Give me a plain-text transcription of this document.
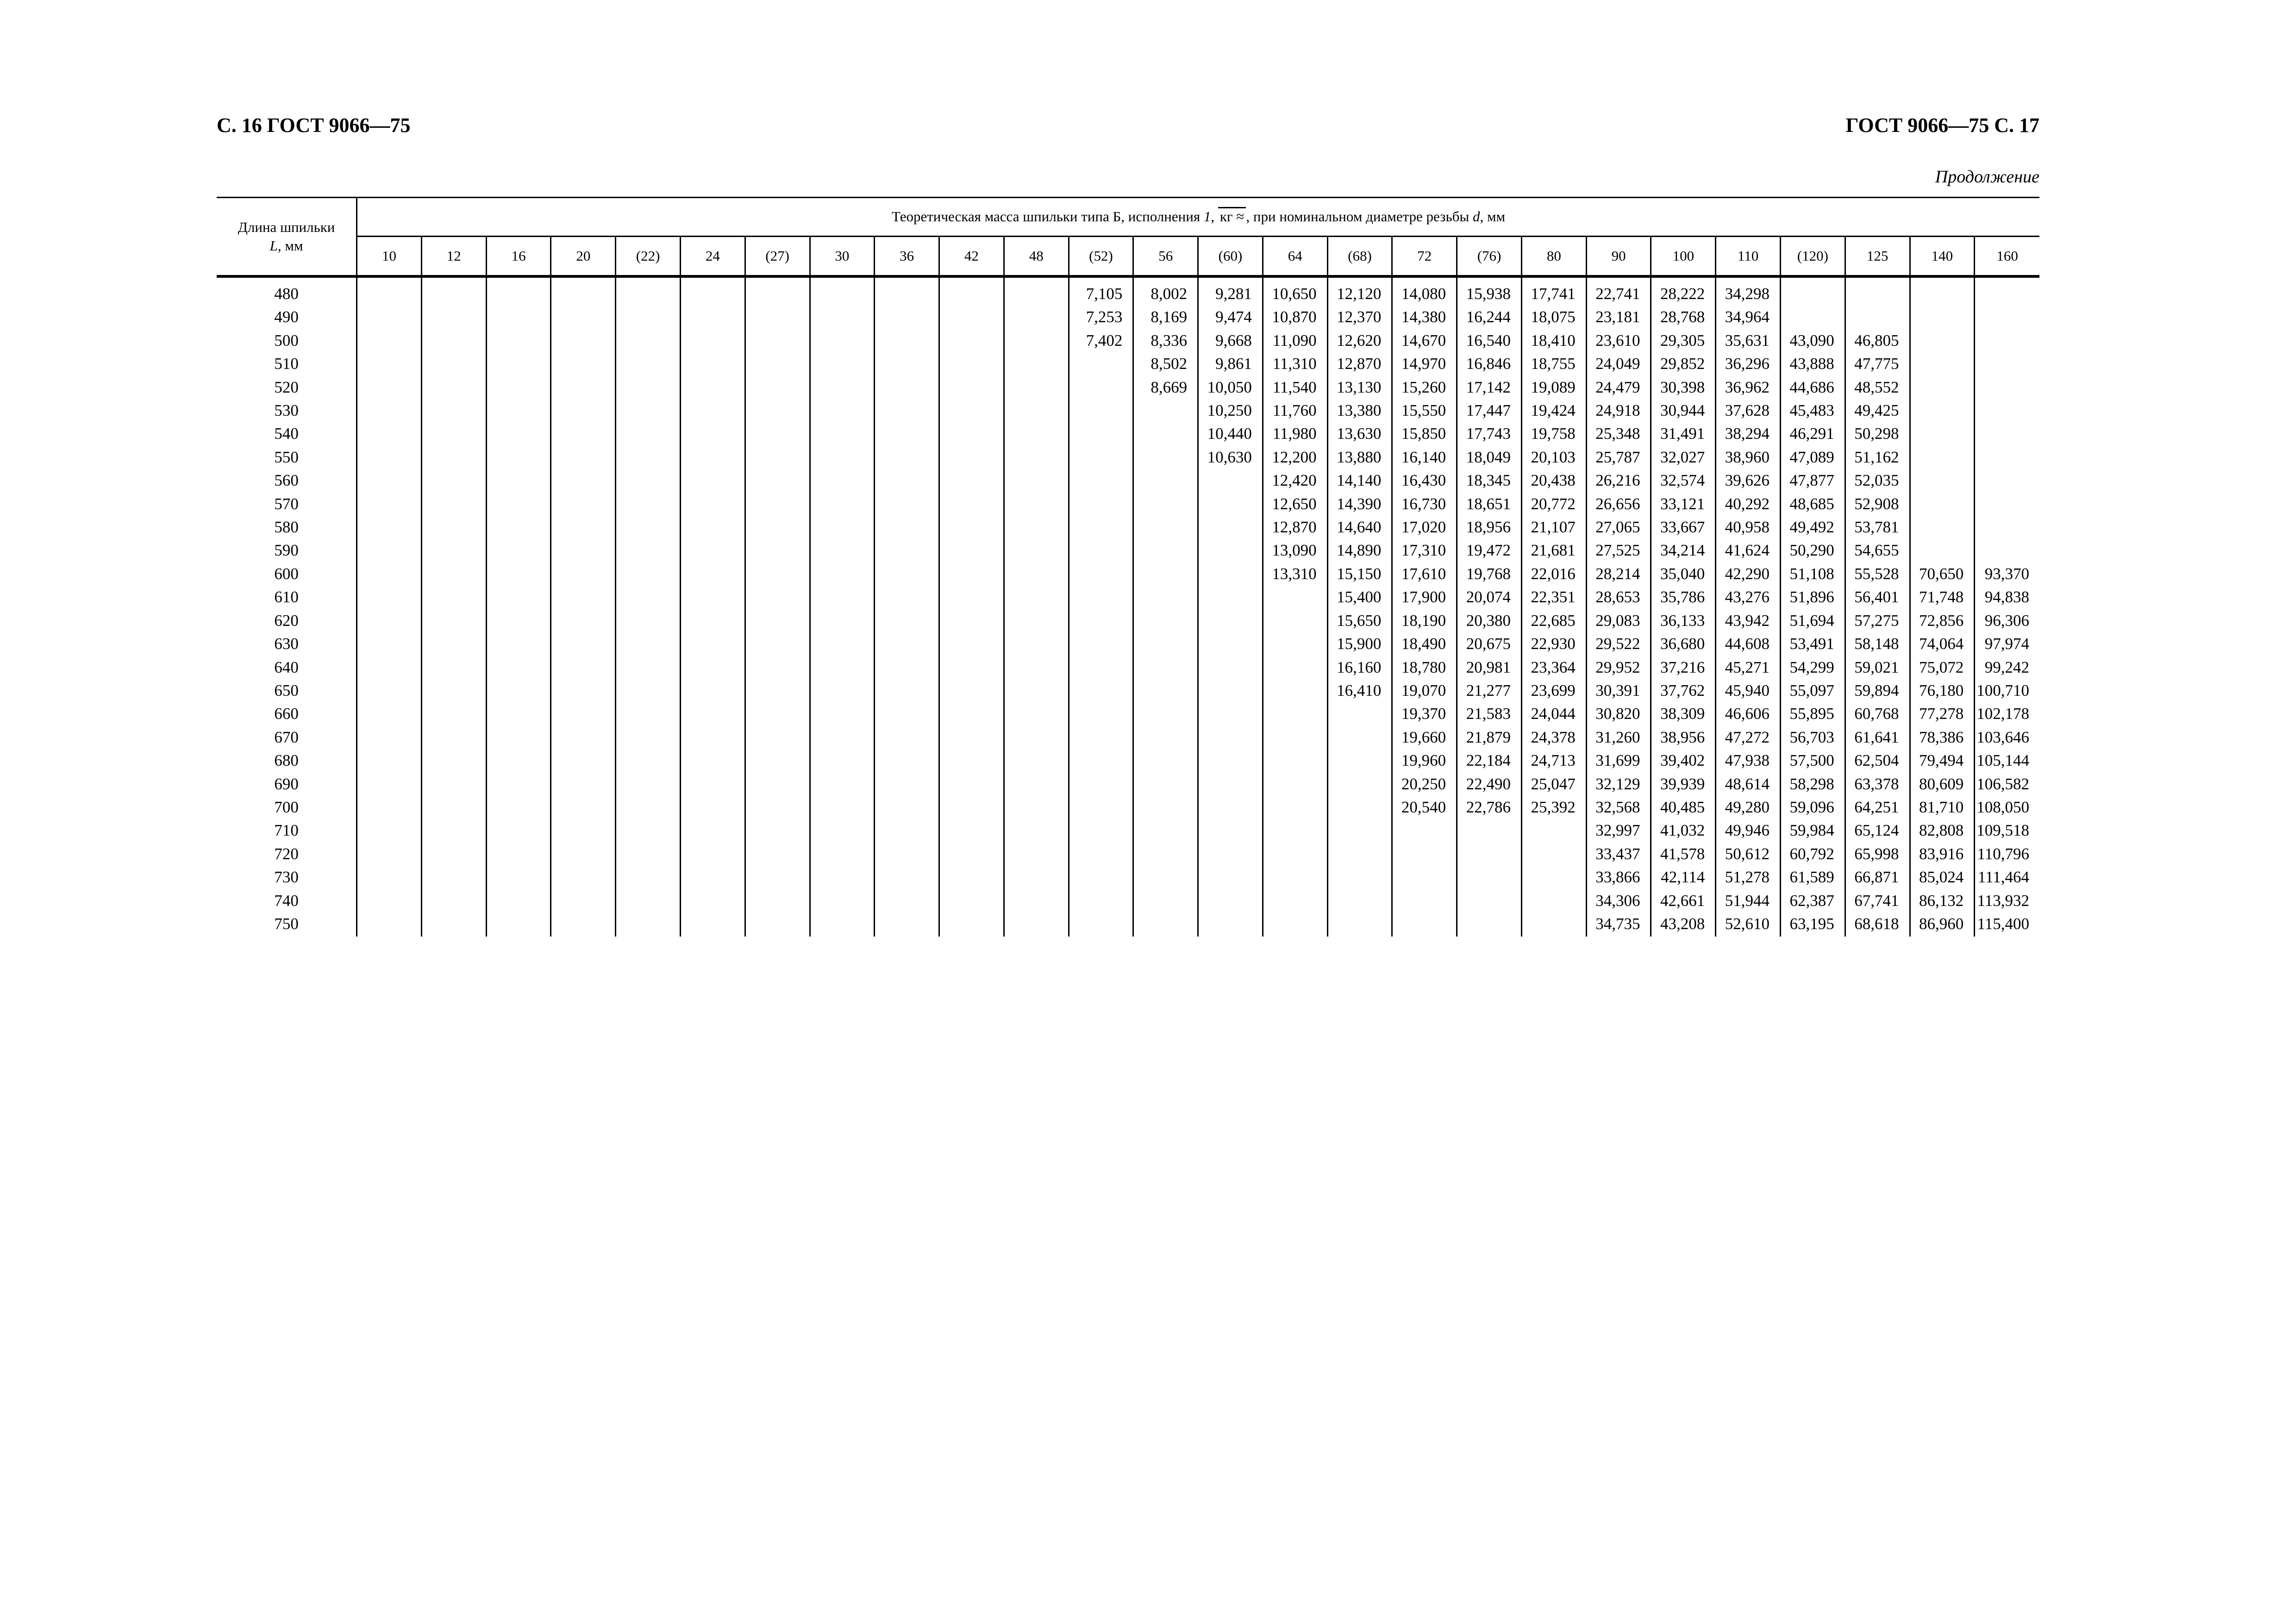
С. 16 ГОСТ 9066—75	ГОСТ 9066—75 С. 17
Продолжение
Длина шпильки
L, мм	Теоретическая масса шпильки типа Б, исполнения 1, кг ≈ , при номинальном диаметре резьбы d, мм																									
	10	12	16	20	(22)	24	(27)	30	36	42	48	(52)	56	(60)	64	(68)	72	(76)	80	90	100	110	(120)	125	140	160
480												7,105	8,002	9,281	10,650	12,120	14,080	15,938	17,741	22,741	28,222	34,298				
490												7,253	8,169	9,474	10,870	12,370	14,380	16,244	18,075	23,181	28,768	34,964				
500												7,402	8,336	9,668	11,090	12,620	14,670	16,540	18,410	23,610	29,305	35,631	43,090	46,805		
510													8,502	9,861	11,310	12,870	14,970	16,846	18,755	24,049	29,852	36,296	43,888	47,775		
520													8,669	10,050	11,540	13,130	15,260	17,142	19,089	24,479	30,398	36,962	44,686	48,552		
530														10,250	11,760	13,380	15,550	17,447	19,424	24,918	30,944	37,628	45,483	49,425		
540														10,440	11,980	13,630	15,850	17,743	19,758	25,348	31,491	38,294	46,291	50,298		
550														10,630	12,200	13,880	16,140	18,049	20,103	25,787	32,027	38,960	47,089	51,162		
560															12,420	14,140	16,430	18,345	20,438	26,216	32,574	39,626	47,877	52,035		
570															12,650	14,390	16,730	18,651	20,772	26,656	33,121	40,292	48,685	52,908		
580															12,870	14,640	17,020	18,956	21,107	27,065	33,667	40,958	49,492	53,781		
590															13,090	14,890	17,310	19,472	21,681	27,525	34,214	41,624	50,290	54,655		
600															13,310	15,150	17,610	19,768	22,016	28,214	35,040	42,290	51,108	55,528	70,650	93,370
610																15,400	17,900	20,074	22,351	28,653	35,786	43,276	51,896	56,401	71,748	94,838
620																15,650	18,190	20,380	22,685	29,083	36,133	43,942	51,694	57,275	72,856	96,306
630																15,900	18,490	20,675	22,930	29,522	36,680	44,608	53,491	58,148	74,064	97,974
640																16,160	18,780	20,981	23,364	29,952	37,216	45,271	54,299	59,021	75,072	99,242
650																16,410	19,070	21,277	23,699	30,391	37,762	45,940	55,097	59,894	76,180	100,710
660																	19,370	21,583	24,044	30,820	38,309	46,606	55,895	60,768	77,278	102,178
670																	19,660	21,879	24,378	31,260	38,956	47,272	56,703	61,641	78,386	103,646
680																	19,960	22,184	24,713	31,699	39,402	47,938	57,500	62,504	79,494	105,144
690																	20,250	22,490	25,047	32,129	39,939	48,614	58,298	63,378	80,609	106,582
700																	20,540	22,786	25,392	32,568	40,485	49,280	59,096	64,251	81,710	108,050
710																				32,997	41,032	49,946	59,984	65,124	82,808	109,518
720																				33,437	41,578	50,612	60,792	65,998	83,916	110,796
730																				33,866	42,114	51,278	61,589	66,871	85,024	111,464
740																				34,306	42,661	51,944	62,387	67,741	86,132	113,932
750																				34,735	43,208	52,610	63,195	68,618	86,960	115,400
